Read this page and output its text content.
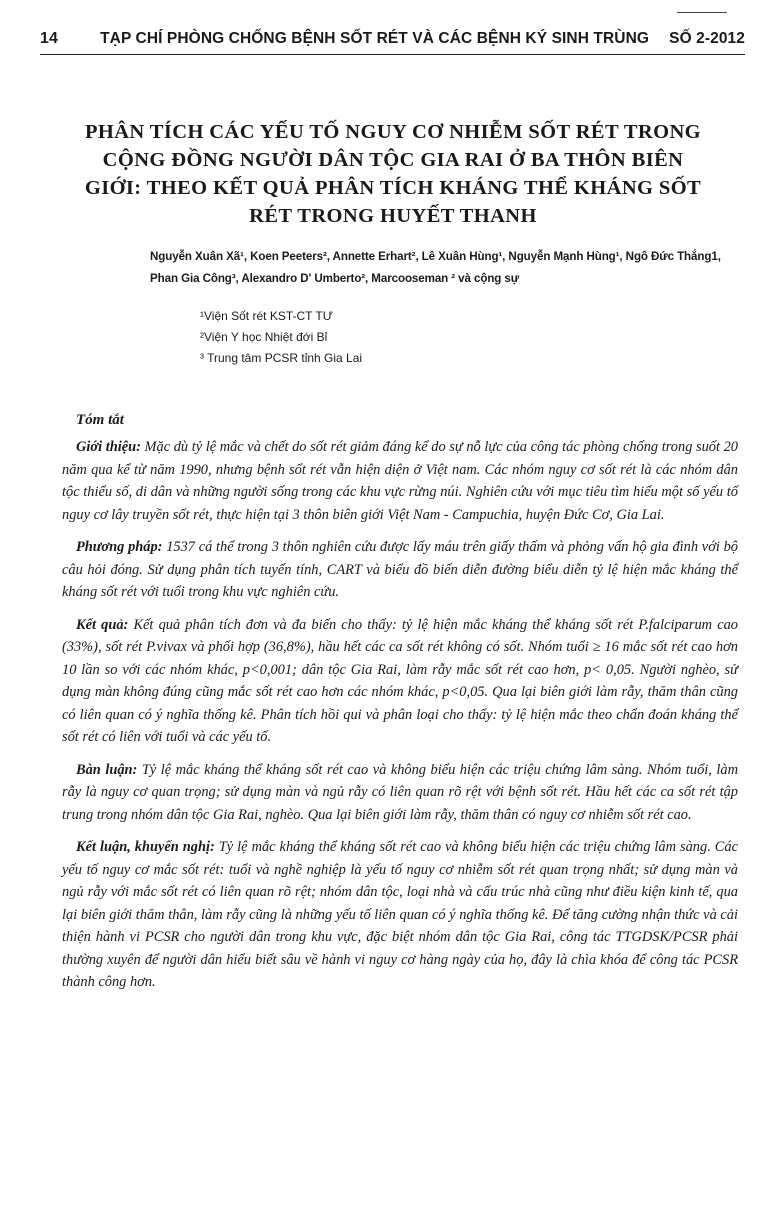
14	TẠP CHÍ PHÒNG CHỐNG BỆNH SỐT RÉT VÀ CÁC BỆNH KÝ SINH TRÙNG	SỐ 2-2012
PHÂN TÍCH CÁC YẾU TỐ NGUY CƠ NHIỄM SỐT RÉT TRONG CỘNG ĐỒNG NGƯỜI DÂN TỘC GIA RAI Ở BA THÔN BIÊN GIỚI: THEO KẾT QUẢ PHÂN TÍCH KHÁNG THỂ KHÁNG SỐT RÉT TRONG HUYẾT THANH

Nguyễn Xuân Xã¹, Koen Peeters², Annette Erhart², Lê Xuân Hùng¹, Nguyễn Mạnh Hùng¹, Ngô Đức Thắng1, Phan Gia Công³, Alexandro D' Umberto², Marcooseman ² và cộng sự

¹Viện Sốt rét KST-CT TƯ
²Viện Y học Nhiệt đới Bỉ
³ Trung tâm PCSR tỉnh Gia Lai
Tóm tắt

Giới thiệu: Mặc dù tỷ lệ mắc và chết do sốt rét giảm đáng kể do sự nỗ lực của công tác phòng chống trong suốt 20 năm qua kể từ năm 1990, nhưng bệnh sốt rét vẫn hiện diện ở Việt nam. Các nhóm nguy cơ sốt rét là các nhóm dân tộc thiểu số, di dân và những người sống trong các khu vực rừng núi. Nghiên cứu với mục tiêu tìm hiểu một số yếu tố nguy cơ lây truyền sốt rét, thực hiện tại 3 thôn biên giới Việt Nam - Campuchia, huyện Đức Cơ, Gia Lai.

Phương pháp: 1537 cá thể trong 3 thôn nghiên cứu được lấy máu trên giấy thấm và phỏng vấn hộ gia đình với bộ câu hỏi đóng. Sử dụng phân tích tuyến tính, CART và biểu đồ biến diễn đường biểu diễn tỷ lệ hiện mắc kháng thể kháng sốt rét với tuổi trong khu vực nghiên cứu.

Kết quả: Kết quả phân tích đơn và đa biến cho thấy: tỷ lệ hiện mắc kháng thể kháng sốt rét P.falciparum cao (33%), sốt rét P.vivax và phối hợp (36,8%), hầu hết các ca sốt rét không có sốt. Nhóm tuổi ≥ 16 mắc sốt rét cao hơn 10 lần so với các nhóm khác, p<0,001; dân tộc Gia Rai, làm rẫy mắc sốt rét cao hơn, p< 0,05. Người nghèo, sử dụng màn không đúng cũng mắc sốt rét cao hơn các nhóm khác, p<0,05. Qua lại biên giới làm rẫy, thăm thân cũng có liên quan có ý nghĩa thống kê. Phân tích hồi qui và phân loại cho thấy: tỷ lệ hiện mắc theo chẩn đoán kháng thể sốt rét có liên với tuổi và các yếu tố.

Bàn luận: Tỷ lệ mắc kháng thể kháng sốt rét cao và không biểu hiện các triệu chứng lâm sàng. Nhóm tuổi, làm rẫy là nguy cơ quan trọng; sử dụng màn và ngủ rẫy có liên quan rõ rệt với bệnh sốt rét. Hầu hết các ca sốt rét tập trung trong nhóm dân tộc Gia Rai, nghèo. Qua lại biên giới làm rẫy, thăm thân có nguy cơ nhiễm sốt rét cao.

Kết luận, khuyến nghị: Tỷ lệ mắc kháng thể kháng sốt rét cao và không biểu hiện các triệu chứng lâm sàng. Các yếu tố nguy cơ mắc sốt rét: tuổi và nghề nghiệp là yếu tố nguy cơ nhiễm sốt rét quan trọng nhất; sử dụng màn và ngủ rẫy với mắc sốt rét có liên quan rõ rệt; nhóm dân tộc, loại nhà và cấu trúc nhà cũng như điều kiện kinh tế, qua lại biên giới thăm thân, làm rẫy cũng là những yếu tố liên quan có ý nghĩa thống kê. Để tăng cường nhận thức và cải thiện hành vi PCSR cho người dân trong khu vực, đặc biệt nhóm dân tộc Gia Rai, công tác TTGDSK/PCSR phải thường xuyên để người dân hiểu biết sâu về hành vi nguy cơ hàng ngày của họ, đây là chìa khóa để công tác PCSR thành công hơn.
